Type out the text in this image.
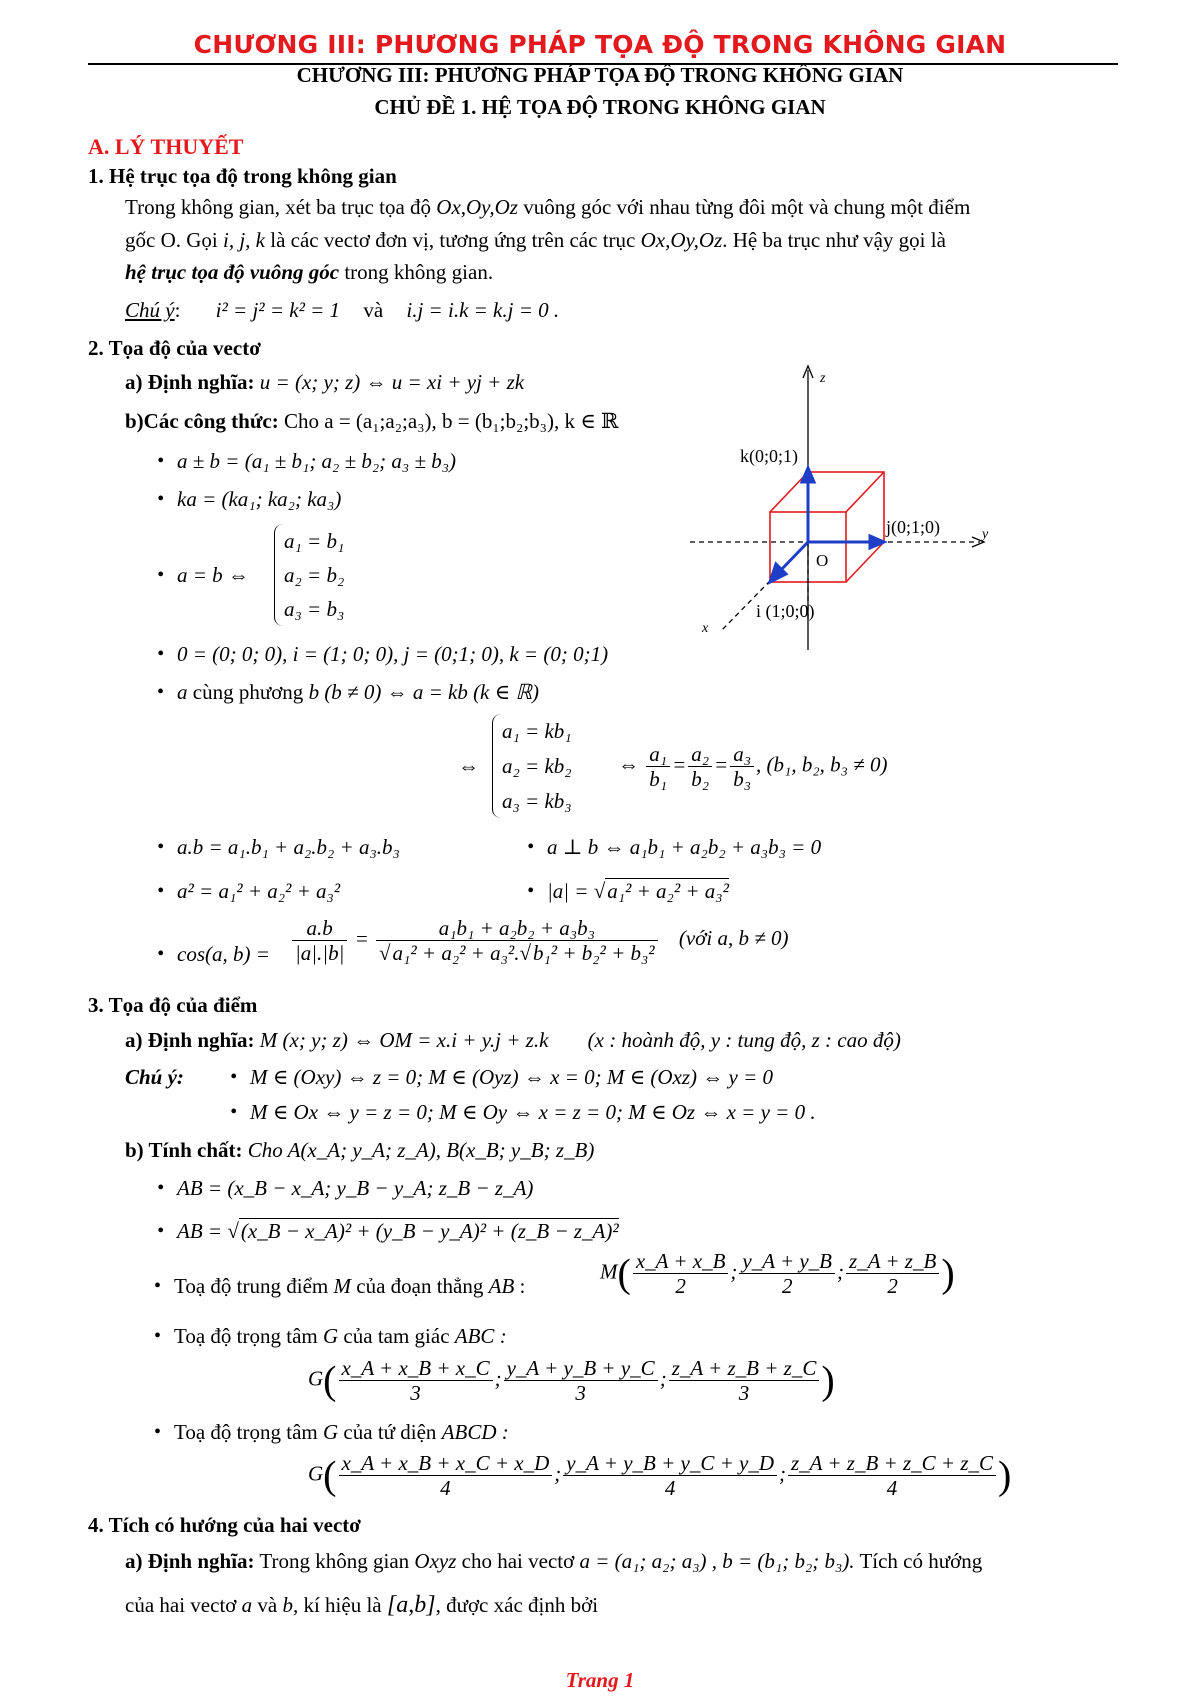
CHƯƠNG III: PHƯƠNG PHÁP TỌA ĐỘ TRONG KHÔNG GIAN
CHƯƠNG III: PHƯƠNG PHÁP TỌA ĐỘ TRONG KHÔNG GIAN
CHỦ ĐỀ 1. HỆ TỌA ĐỘ TRONG KHÔNG GIAN
A. LÝ THUYẾT
1. Hệ trục tọa độ trong không gian
Trong không gian, xét ba trục tọa độ Ox,Oy,Oz vuông góc với nhau từng đôi một và chung một điểm
gốc O. Gọi i, j, k là các vectơ đơn vị, tương ứng trên các trục Ox,Oy,Oz. Hệ ba trục như vậy gọi là
hệ trục tọa độ vuông góc trong không gian.
Chú ý: i² = j² = k² = 1 và i.j = i.k = k.j = 0 .
2. Tọa độ của vectơ
a) Định nghĩa: u = (x; y; z) ⇔ u = xi + yj + zk
b)Các công thức: Cho a = (a₁;a₂;a₃), b = (b₁;b₂;b₃), k ∈ ℝ
• a ± b = (a₁ ± b₁; a₂ ± b₂; a₃ ± b₃)
• ka = (ka₁; ka₂; ka₃)
• a = b ⇔
a₁ = b₁
a₂ = b₂
a₃ = b₃
• 0 = (0; 0; 0), i = (1; 0; 0), j = (0;1; 0), k = (0; 0;1)
• a cùng phương b (b ≠ 0) ⇔ a = kb (k ∈ ℝ)
⇔
a₁ = kb₁
a₂ = kb₂
a₃ = kb₃
⇔ $\frac{\text{a₁}}{\text{b₁}} = \frac{\text{a₂}}{\text{b₂}} = \frac{\text{a₃}}{\text{b₃}}$ , (b₁, b₂, b₃ ≠ 0)
• a.b = a₁.b₁ + a₂.b₂ + a₃.b₃	• a ⊥ b ⇔ a₁b₁ + a₂b₂ + a₃b₃ = 0
• a² = a₁² + a₂² + a₃²	• |a| = √a₁² + a₂² + a₃²
• cos(a, $b) = \frac{a.b}{|a|.|b|} = \frac{\text{a₁b₁ + a₂b₂ + a₃b₃}}{\text{√a₁² + a₂² + a₃².√b₁² + b₂² + b₃²}}$ (với a, b ≠ 0)
z
y
x
O
k(0;0;1)
j(0;1;0)
i (1;0;0)
3. Tọa độ của điểm
a) Định nghĩa: M (x; y; z) ⇔ OM = x.i + y.j + z.k (x : hoành độ, y : tung độ, z : cao độ)
Chú ý:	• M ∈ (Oxy) ⇔ z = 0; M ∈ (Oyz) ⇔ x = 0; M ∈ (Oxz) ⇔ y = 0
• M ∈ Ox ⇔ y = z = 0; M ∈ Oy ⇔ x = z = 0; M ∈ Oz ⇔ x = y = 0 .
b) Tính chất: Cho A(x_A; y_A; z_A), B(x_B; y_B; z_B)
• AB = (x_B − x_A; y_B − y_A; z_B − z_A)
• AB = √(x_B − x_A)² + (y_B − y_A)² + (z_B − z_A)²
• Toạ độ trung điểm M của đoạn thẳng AB :
$M( \frac{x\_A + x\_B}{2}$ ; $\frac{y\_A + y\_B}{2}$ ; $\frac{z\_A + z\_B}{2}$ )
• Toạ độ trọng tâm G của tam giác ABC :
$G( \frac{x\_A + x\_B + x\_C}{3}$ ; $\frac{y\_A + y\_B + y\_C}{3}$ ; $\frac{z\_A + z\_B + z\_C}{3}$ )
• Toạ độ trọng tâm G của tứ diện ABCD :
$G( \frac{x\_A + x\_B + x\_C + x\_D}{4}$ ; $\frac{y\_A + y\_B + y\_C + y\_D}{4}$ ; $\frac{z\_A + z\_B + z\_C + z\_C}{4}$ )
4. Tích có hướng của hai vectơ
a) Định nghĩa: Trong không gian Oxyz cho hai vectơ a = (a₁; a₂; a₃) , b = (b₁; b₂; b₃). Tích có hướng
của hai vectơ a và b, kí hiệu là [a,b], được xác định bởi
Trang 1
